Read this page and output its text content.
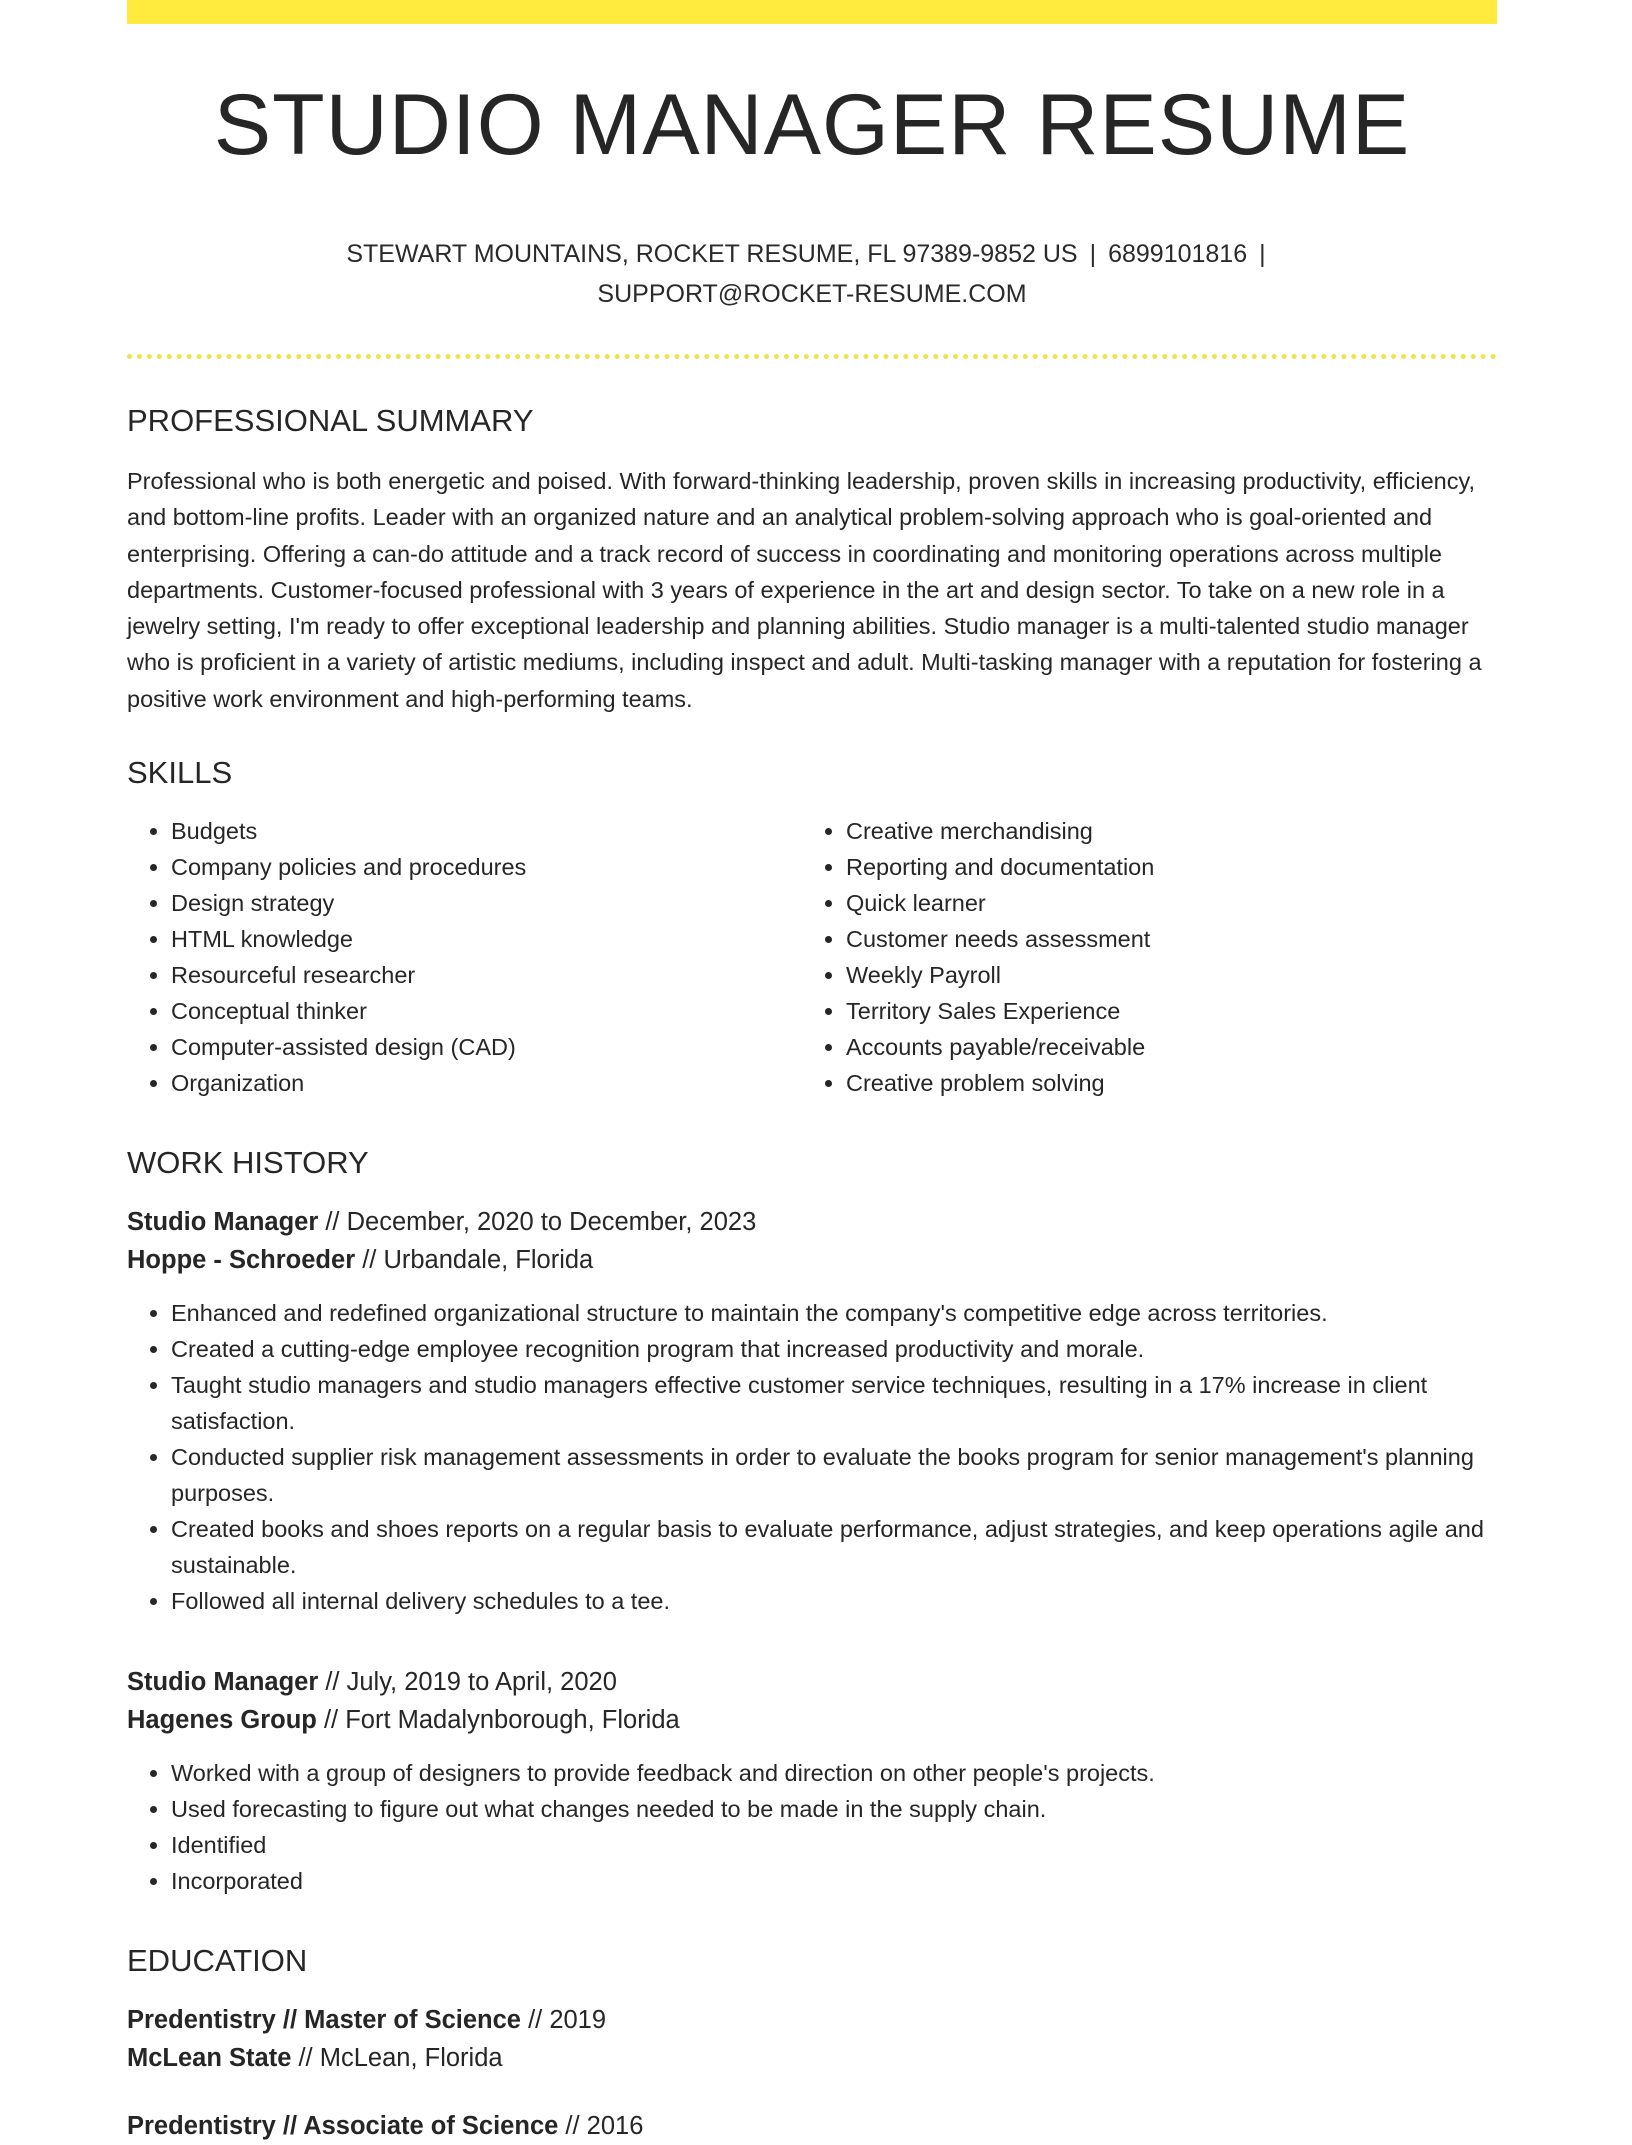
STUDIO MANAGER RESUME
STEWART MOUNTAINS, ROCKET RESUME, FL 97389-9852 US | 6899101816 |
SUPPORT@ROCKET-RESUME.COM
PROFESSIONAL SUMMARY
Professional who is both energetic and poised. With forward-thinking leadership, proven skills in increasing productivity, efficiency, and bottom-line profits. Leader with an organized nature and an analytical problem-solving approach who is goal-oriented and enterprising. Offering a can-do attitude and a track record of success in coordinating and monitoring operations across multiple departments. Customer-focused professional with 3 years of experience in the art and design sector. To take on a new role in a jewelry setting, I'm ready to offer exceptional leadership and planning abilities. Studio manager is a multi-talented studio manager who is proficient in a variety of artistic mediums, including inspect and adult. Multi-tasking manager with a reputation for fostering a positive work environment and high-performing teams.
SKILLS
• Budgets
• Company policies and procedures
• Design strategy
• HTML knowledge
• Resourceful researcher
• Conceptual thinker
• Computer-assisted design (CAD)
• Organization
• Creative merchandising
• Reporting and documentation
• Quick learner
• Customer needs assessment
• Weekly Payroll
• Territory Sales Experience
• Accounts payable/receivable
• Creative problem solving
WORK HISTORY
Studio Manager // December, 2020 to December, 2023
Hoppe - Schroeder // Urbandale, Florida
• Enhanced and redefined organizational structure to maintain the company's competitive edge across territories.
• Created a cutting-edge employee recognition program that increased productivity and morale.
• Taught studio managers and studio managers effective customer service techniques, resulting in a 17% increase in client satisfaction.
• Conducted supplier risk management assessments in order to evaluate the books program for senior management's planning purposes.
• Created books and shoes reports on a regular basis to evaluate performance, adjust strategies, and keep operations agile and sustainable.
• Followed all internal delivery schedules to a tee.
Studio Manager // July, 2019 to April, 2020
Hagenes Group // Fort Madalynborough, Florida
• Worked with a group of designers to provide feedback and direction on other people's projects.
• Used forecasting to figure out what changes needed to be made in the supply chain.
• Identified
• Incorporated
EDUCATION
Predentistry // Master of Science // 2019
McLean State // McLean, Florida
Predentistry // Associate of Science // 2016
